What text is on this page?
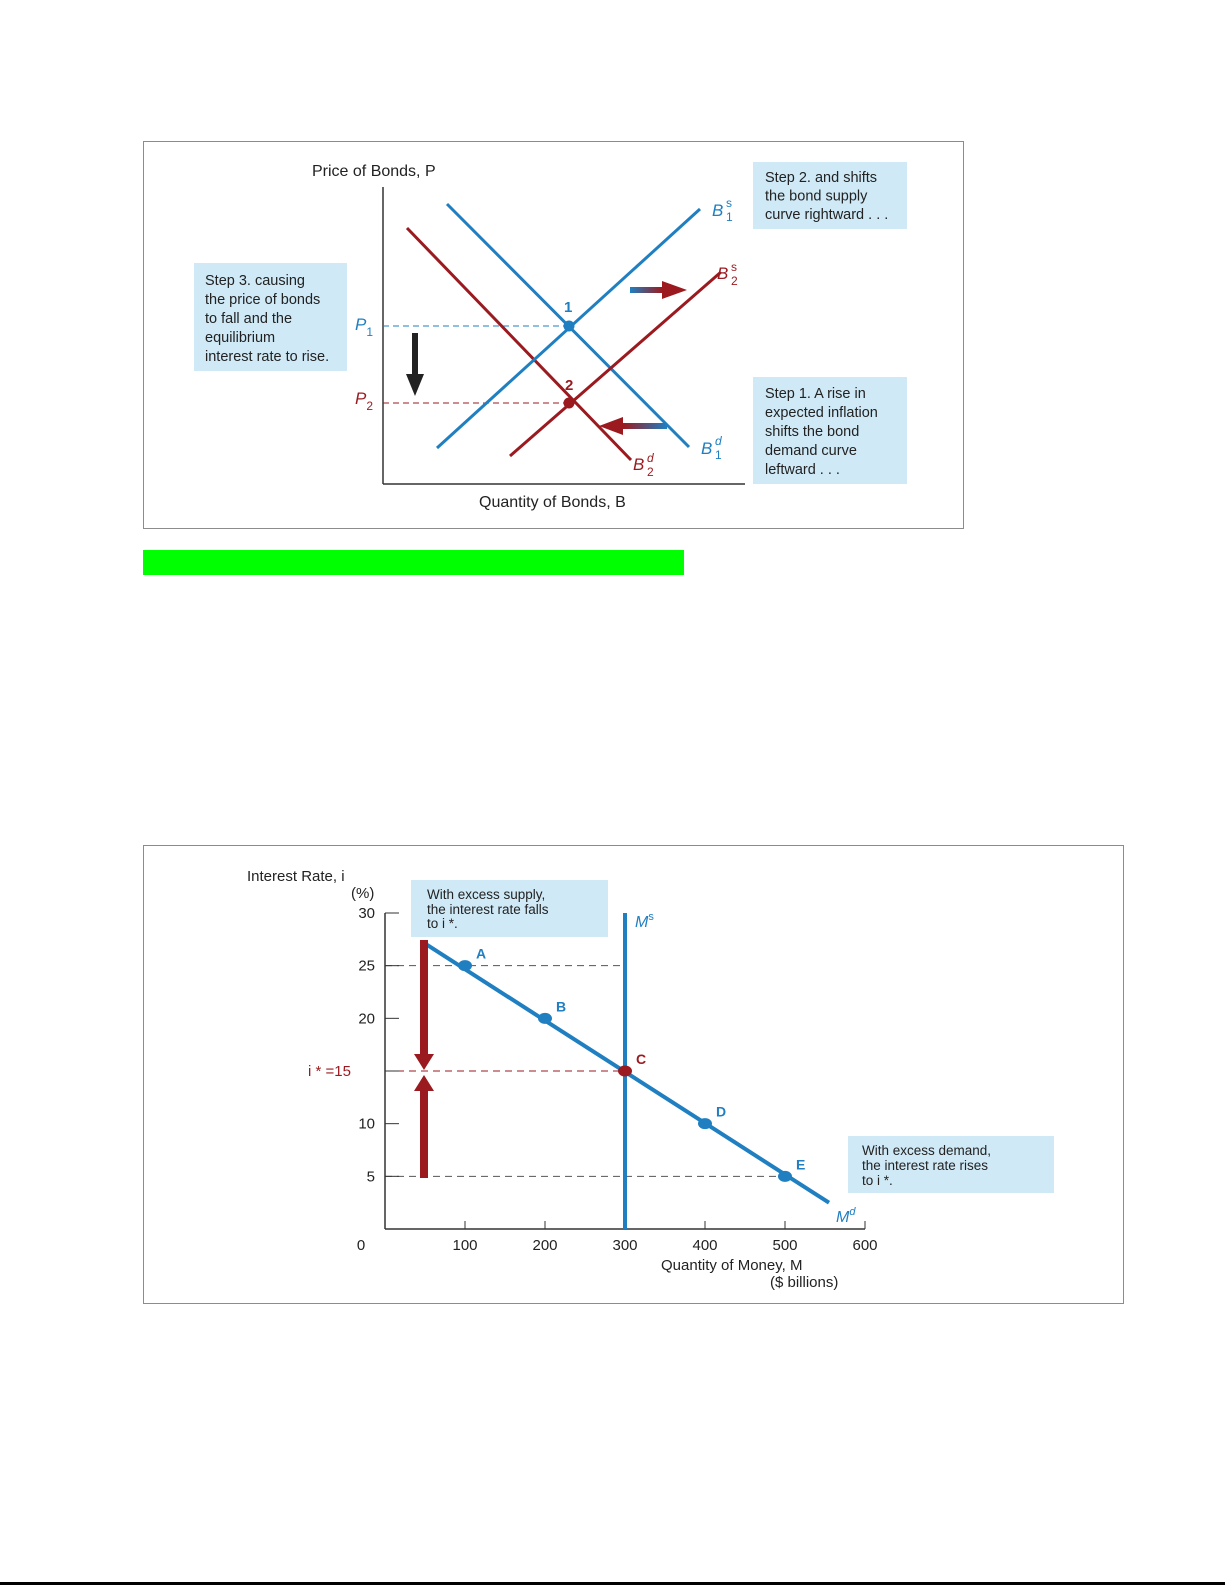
Price of Bonds, P
Quantity of Bonds, B
$P_1$
$P_2$
B s
1
B s
2
B d
1
B d
2
1
2
Step 2. and shifts the bond supply curve rightward . . .
Step 3. causing the price of bonds to fall and the equilibrium interest rate to rise.
Step 1. A rise in expected inflation shifts the bond demand curve leftward . . .
Interest Rate, i (%)
0	100	200	300	400	500	600
5
10
20
25
30
i * =15
$M^s$
$M^d$
A
B
C
D
E
Quantity of Money, M ($ billions)
With excess supply, the interest rate falls to i *.
With excess demand, the interest rate rises to i *.
